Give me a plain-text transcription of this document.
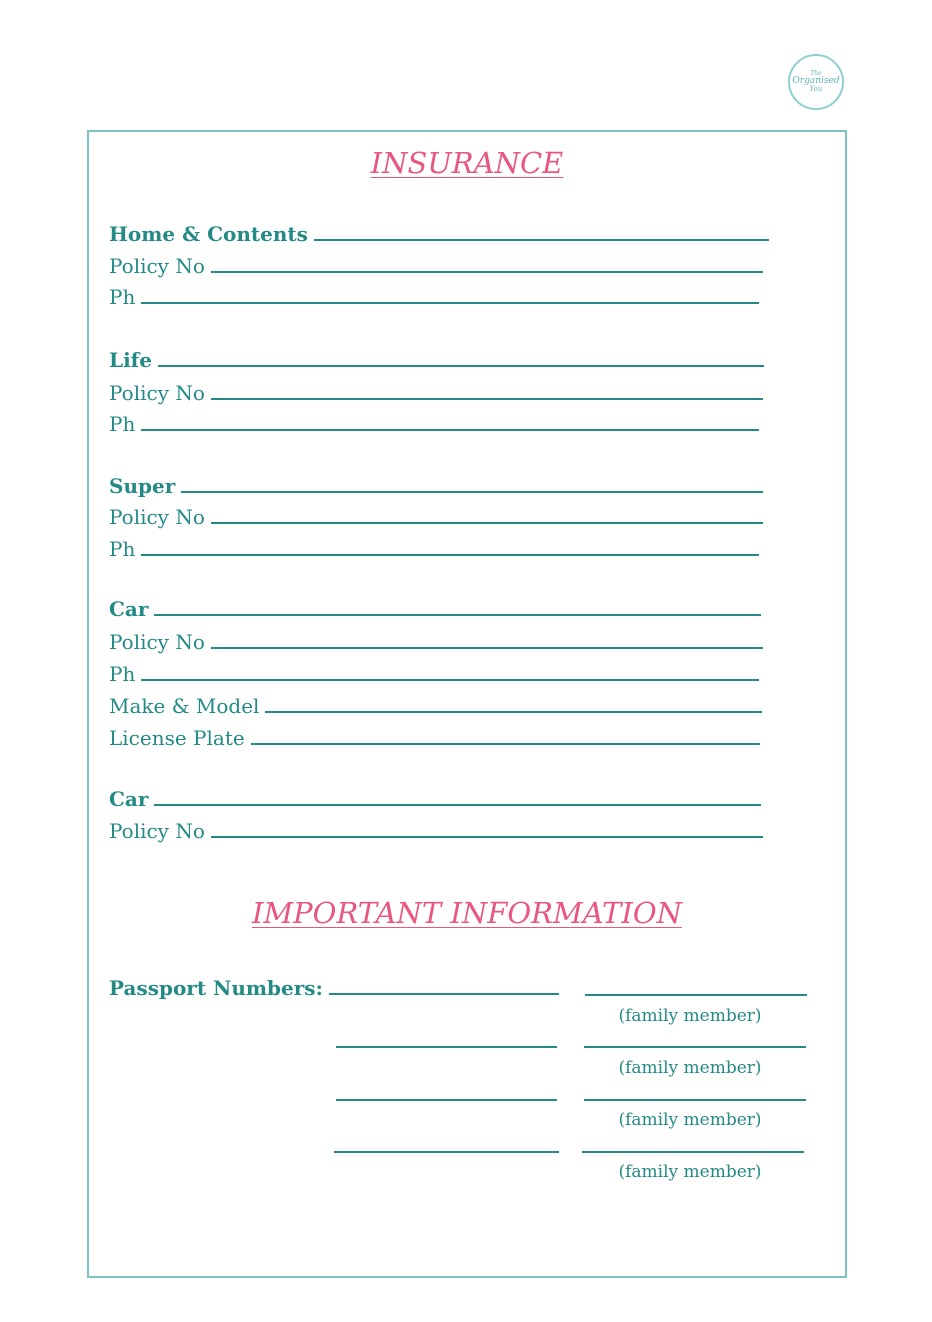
The
Organised
You
INSURANCE
Home & Contents
Policy No
Ph
Life
Policy No
Ph
Super
Policy No
Ph
Car
Policy No
Ph
Make & Model
License Plate
Car
Policy No
IMPORTANT INFORMATION
Passport Numbers:
(family member)
(family member)
(family member)
(family member)
